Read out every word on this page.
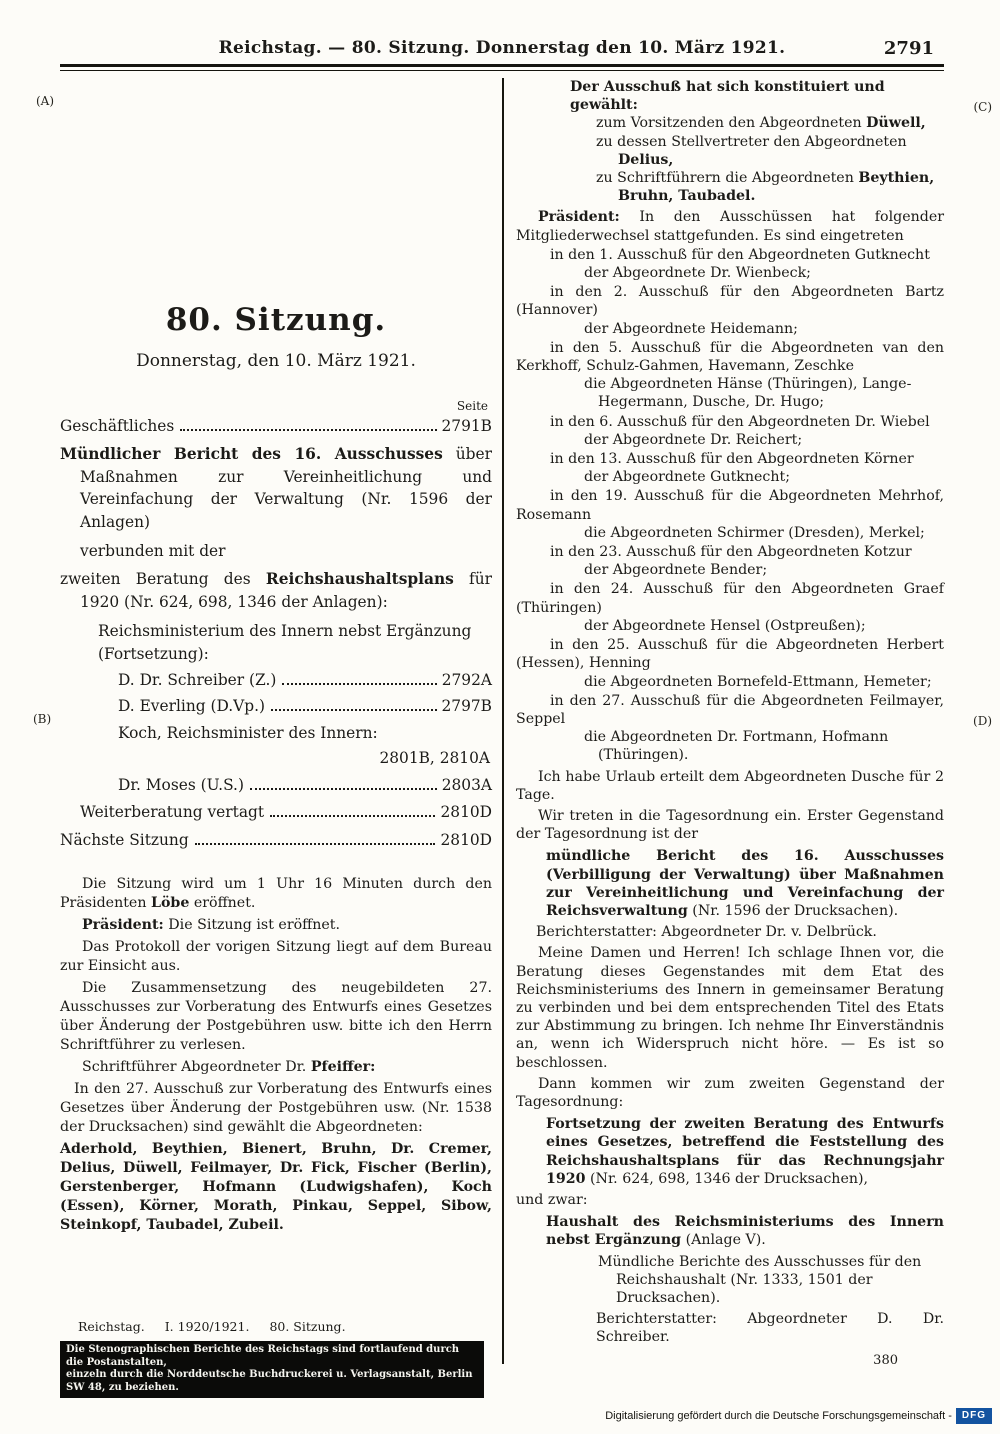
Reichstag. — 80. Sitzung. Donnerstag den 10. März 1921.	2791
(A)
(B)
(C)
(D)
80. Sitzung.
Donnerstag, den 10. März 1921.
Seite
Geschäftliches	2791B
Mündlicher Bericht des 16. Ausschusses über Maßnahmen zur Vereinheitlichung und Vereinfachung der Verwaltung (Nr. 1596 der Anlagen)
verbunden mit der
zweiten Beratung des Reichshaushaltsplans für 1920 (Nr. 624, 698, 1346 der Anlagen):
Reichsministerium des Innern nebst Ergänzung (Fortsetzung):
D. Dr. Schreiber (Z.)	2792A
D. Everling (D.Vp.)	2797B
Koch, Reichsminister des Innern:
2801B, 2810A
Dr. Moses (U.S.)	2803A
Weiterberatung vertagt	2810D
Nächste Sitzung	2810D

Die Sitzung wird um 1 Uhr 16 Minuten durch den Präsidenten Löbe eröffnet.

Präsident: Die Sitzung ist eröffnet.

Das Protokoll der vorigen Sitzung liegt auf dem Bureau zur Einsicht aus.

Die Zusammensetzung des neugebildeten 27. Ausschusses zur Vorberatung des Entwurfs eines Gesetzes über Änderung der Postgebühren usw. bitte ich den Herrn Schriftführer zu verlesen.

Schriftführer Abgeordneter Dr. Pfeiffer:

In den 27. Ausschuß zur Vorberatung des Entwurfs eines Gesetzes über Änderung der Postgebühren usw. (Nr. 1538 der Drucksachen) sind gewählt die Abgeordneten:

Aderhold, Beythien, Bienert, Bruhn, Dr. Cremer, Delius, Düwell, Feilmayer, Dr. Fick, Fischer (Berlin), Gerstenberger, Hofmann (Ludwigshafen), Koch (Essen), Körner, Morath, Pinkau, Seppel, Sibow, Steinkopf, Taubadel, Zubeil.

Reichstag. I. 1920/1921. 80. Sitzung.
Die Stenographischen Berichte des Reichstags sind fortlaufend durch die Postanstalten,
einzeln durch die Norddeutsche Buchdruckerei u. Verlagsanstalt, Berlin SW 48, zu beziehen.
Der Ausschuß hat sich konstituiert und gewählt:
zum Vorsitzenden den Abgeordneten Düwell,
zu dessen Stellvertreter den Abgeordneten Delius,
zu Schriftführern die Abgeordneten Beythien, Bruhn, Taubadel.

Präsident: In den Ausschüssen hat folgender Mitgliederwechsel stattgefunden. Es sind eingetreten

in den 1. Ausschuß für den Abgeordneten Gutknecht
der Abgeordnete Dr. Wienbeck;
in den 2. Ausschuß für den Abgeordneten Bartz (Hannover)
der Abgeordnete Heidemann;
in den 5. Ausschuß für die Abgeordneten van den Kerkhoff, Schulz-Gahmen, Havemann, Zeschke
die Abgeordneten Hänse (Thüringen), Lange-Hegermann, Dusche, Dr. Hugo;
in den 6. Ausschuß für den Abgeordneten Dr. Wiebel
der Abgeordnete Dr. Reichert;
in den 13. Ausschuß für den Abgeordneten Körner
der Abgeordnete Gutknecht;
in den 19. Ausschuß für die Abgeordneten Mehrhof, Rosemann
die Abgeordneten Schirmer (Dresden), Merkel;
in den 23. Ausschuß für den Abgeordneten Kotzur
der Abgeordnete Bender;
in den 24. Ausschuß für den Abgeordneten Graef (Thüringen)
der Abgeordnete Hensel (Ostpreußen);
in den 25. Ausschuß für die Abgeordneten Herbert (Hessen), Henning
die Abgeordneten Bornefeld-Ettmann, Hemeter;
in den 27. Ausschuß für die Abgeordneten Feilmayer, Seppel
die Abgeordneten Dr. Fortmann, Hofmann (Thüringen).

Ich habe Urlaub erteilt dem Abgeordneten Dusche für 2 Tage.

Wir treten in die Tagesordnung ein. Erster Gegenstand der Tagesordnung ist der

mündliche Bericht des 16. Ausschusses (Verbilligung der Verwaltung) über Maßnahmen zur Vereinheitlichung und Vereinfachung der Reichsverwaltung (Nr. 1596 der Drucksachen).
Berichterstatter: Abgeordneter Dr. v. Delbrück.

Meine Damen und Herren! Ich schlage Ihnen vor, die Beratung dieses Gegenstandes mit dem Etat des Reichsministeriums des Innern in gemeinsamer Beratung zu verbinden und bei dem entsprechenden Titel des Etats zur Abstimmung zu bringen. Ich nehme Ihr Einverständnis an, wenn ich Widerspruch nicht höre. — Es ist so beschlossen.

Dann kommen wir zum zweiten Gegenstand der Tagesordnung:

Fortsetzung der zweiten Beratung des Entwurfs eines Gesetzes, betreffend die Feststellung des Reichshaushaltsplans für das Rechnungsjahr 1920 (Nr. 624, 698, 1346 der Drucksachen),
und zwar:
Haushalt des Reichsministeriums des Innern nebst Ergänzung (Anlage V).
Mündliche Berichte des Ausschusses für den Reichshaushalt (Nr. 1333, 1501 der Drucksachen).
Berichterstatter: Abgeordneter D. Dr. Schreiber.
380
Digitalisierung gefördert durch die Deutsche Forschungsgemeinschaft -	DFG
